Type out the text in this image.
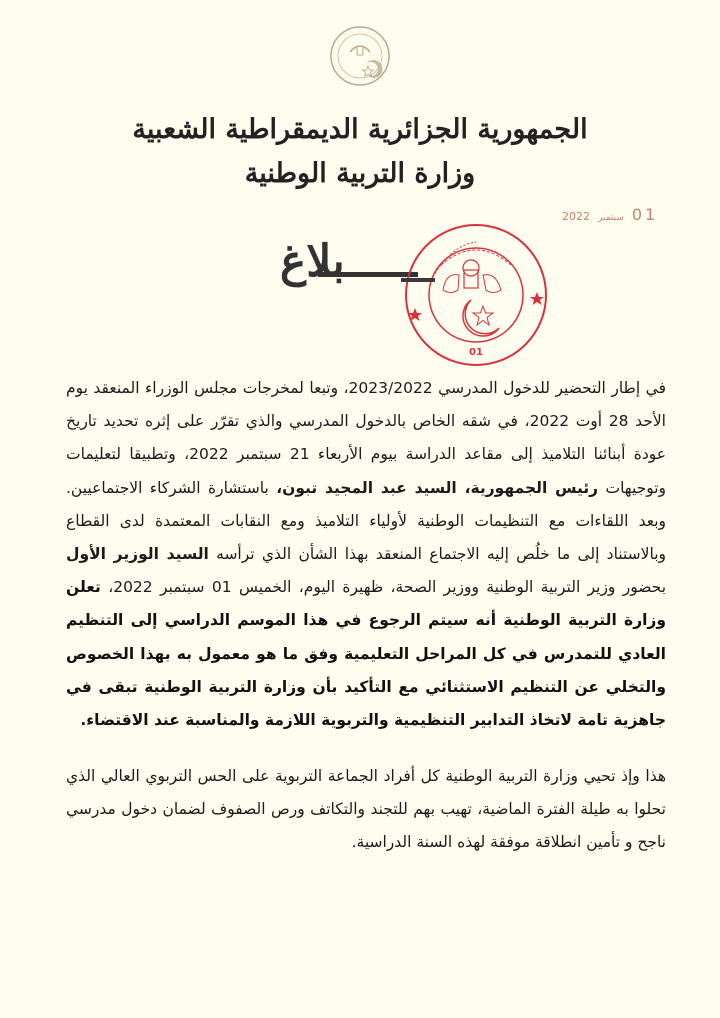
الجمهورية الجزائرية الديمقراطية الشعبية
وزارة التربية الوطنية
2022 سبتمبر 01
بلاغ
01
في إطار التحضير للدخول المدرسي 2023/2022، وتبعا لمخرجات مجلس الوزراء المنعقد يوم الأحد 28 أوت 2022، في شقه الخاص بالدخول المدرسي والذي تقرّر على إثره تحديد تاريخ عودة أبنائنا التلاميذ إلى مقاعد الدراسة بيوم الأربعاء 21 سبتمبر 2022، وتطبيقا لتعليمات وتوجيهات رئيس الجمهورية، السيد عبد المجيد تبون، باستشارة الشركاء الاجتماعيين. وبعد اللقاءات مع التنظيمات الوطنية لأولياء التلاميذ ومع النقابات المعتمدة لدى القطاع وبالاستناد إلى ما خلُص إليه الاجتماع المنعقد بهذا الشأن الذي ترأسه السيد الوزير الأول بحضور وزير التربية الوطنية ووزير الصحة، ظهيرة اليوم، الخميس 01 سبتمبر 2022، تعلن وزارة التربية الوطنية أنه سيتم الرجوع في هذا الموسم الدراسي إلى التنظيم العادي للتمدرس في كل المراحل التعليمية وفق ما هو معمول به بهذا الخصوص والتخلي عن التنظيم الاستثنائي مع التأكيد بأن وزارة التربية الوطنية تبقى في جاهزية تامة لاتخاذ التدابير التنظيمية والتربوية اللازمة والمناسبة عند الاقتضاء.
هذا وإذ تحيي وزارة التربية الوطنية كل أفراد الجماعة التربوية على الحس التربوي العالي الذي تحلوا به طيلة الفترة الماضية، تهيب بهم للتجند والتكاتف ورص الصفوف لضمان دخول مدرسي ناجح و تأمين انطلاقة موفقة لهذه السنة الدراسية.
